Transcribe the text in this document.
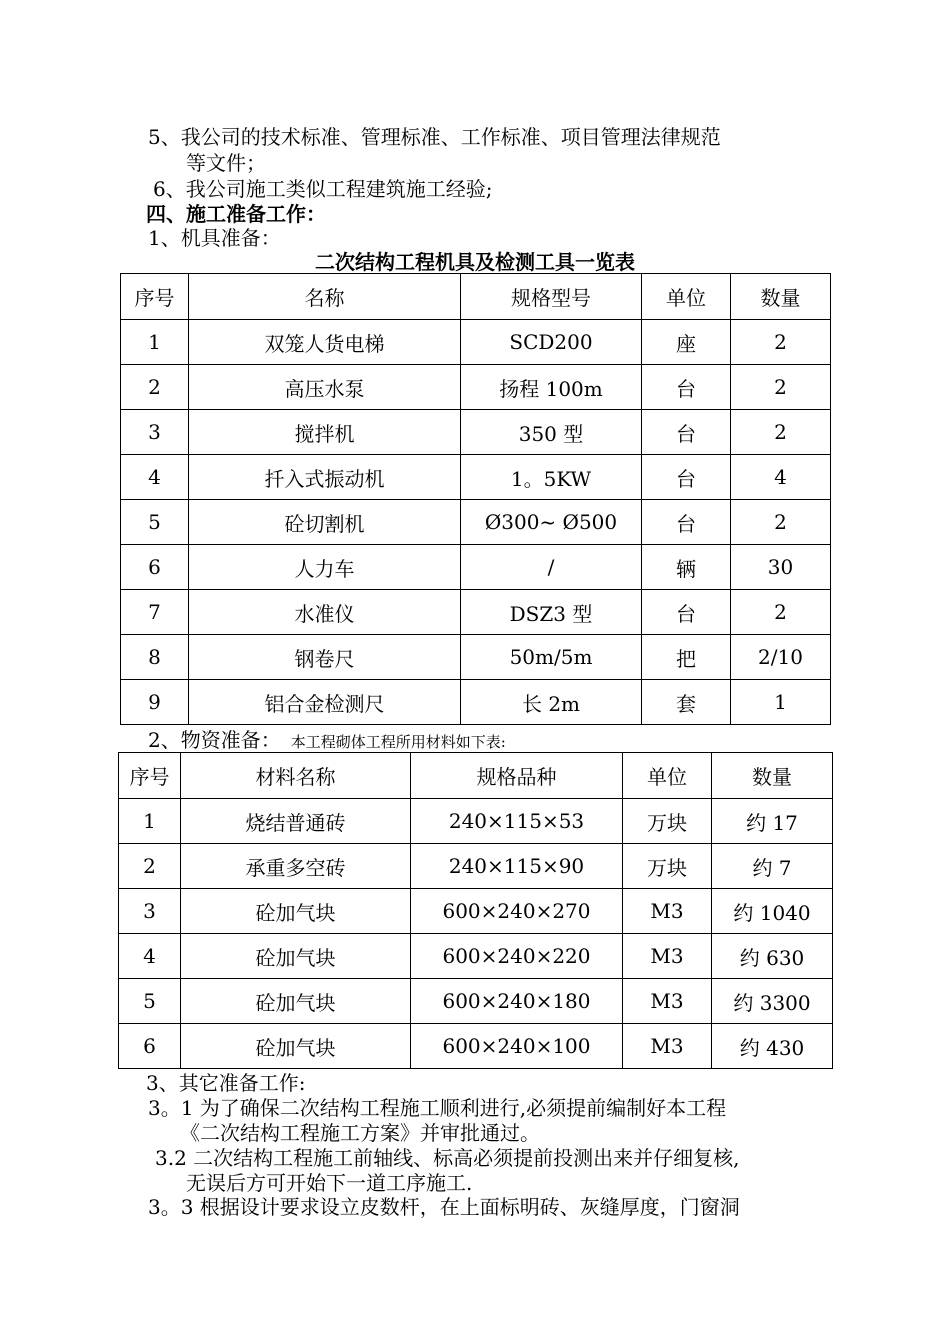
5、我公司的技术标准、管理标准、工作标准、项目管理法律规范
等文件；
6、我公司施工类似工程建筑施工经验;
四、施工准备工作：
1、机具准备：
二次结构工程机具及检测工具一览表
序号	名称	规格型号	单位	数量
1	双笼人货电梯	SCD200	座	2
2	高压水泵	扬程 100m	台	2
3	搅拌机	350 型	台	2
4	扦入式振动机	1。5KW	台	4
5	砼切割机	Ø300~ Ø500	台	2
6	人力车	/	辆	30
7	水准仪	DSZ3 型	台	2
8	钢卷尺	50m/5m	把	2/10
9	铝合金检测尺	长 2m	套	1
2、物资准备： 本工程砌体工程所用材料如下表:
序号	材料名称	规格品种	单位	数量
1	烧结普通砖	240×115×53	万块	约 17
2	承重多空砖	240×115×90	万块	约 7
3	砼加气块	600×240×270	M3	约 1040
4	砼加气块	600×240×220	M3	约 630
5	砼加气块	600×240×180	M3	约 3300
6	砼加气块	600×240×100	M3	约 430
3、其它准备工作:
3。1 为了确保二次结构工程施工顺利进行,必须提前编制好本工程
《二次结构工程施工方案》并审批通过。
3.2 二次结构工程施工前轴线、标高必须提前投测出来并仔细复核,
无误后方可开始下一道工序施工.
3。3 根据设计要求设立皮数杆，在上面标明砖、灰缝厚度，门窗洞
